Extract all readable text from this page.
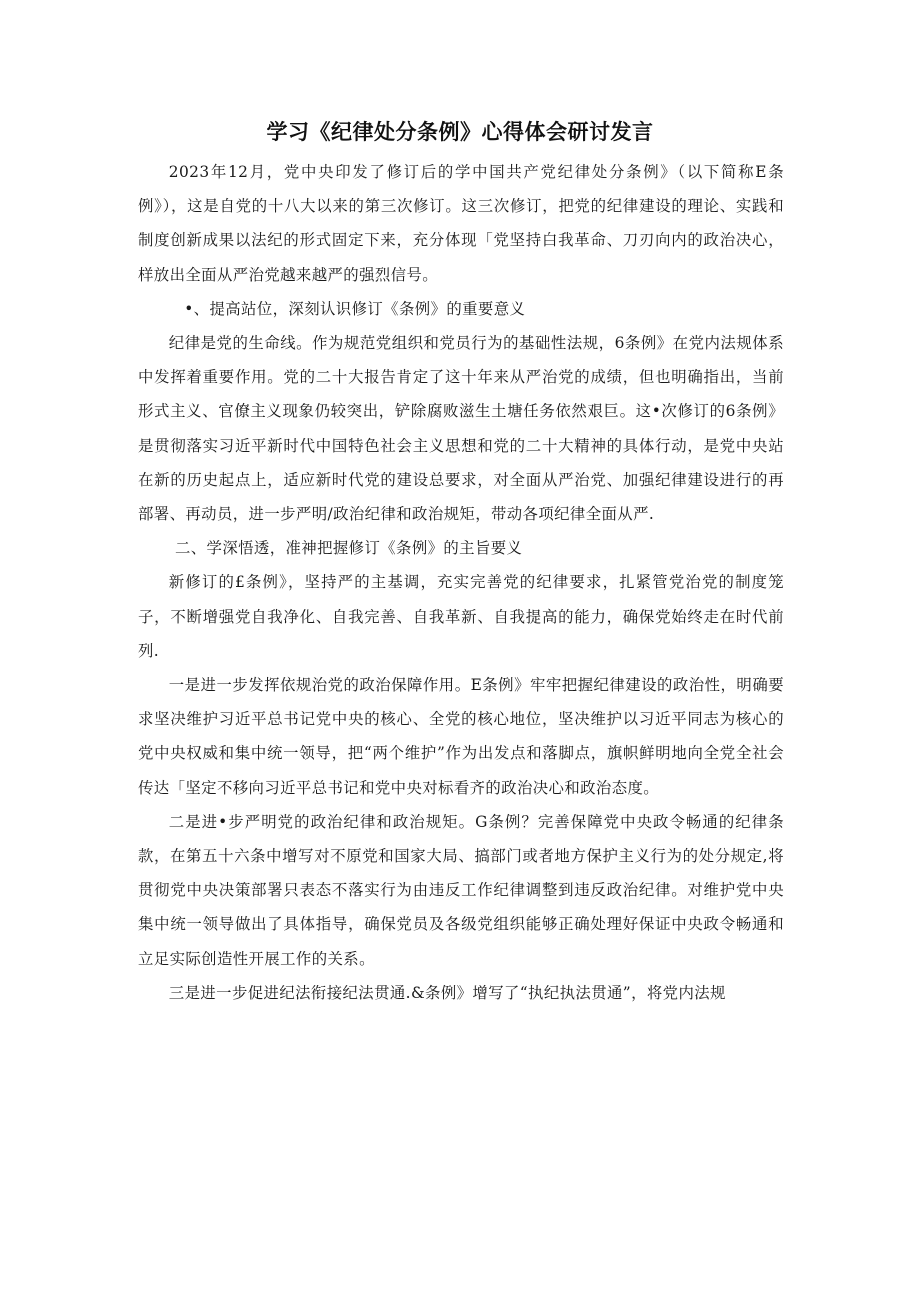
学习《纪律处分条例》心得体会研讨发言

2023年12月，党中央印发了修订后的学中国共产党纪律处分条例》（以下简称E条例》），这是自党的十八大以来的第三次修订。这三次修订，把党的纪律建设的理论、实践和制度创新成果以法纪的形式固定下来，充分体现「党坚持白我革命、刀刃向内的政治决心，样放出全面从严治党越来越严的强烈信号。

•、提高站位，深刻认识修订《条例》的重要意义

纪律是党的生命线。作为规范党组织和党员行为的基础性法规，6条例》在党内法规体系中发挥着重要作用。党的二十大报告肯定了这十年来从严治党的成绩，但也明确指出，当前形式主义、官僚主义现象仍较突出，铲除腐败滋生土塘任务依然艰巨。这•次修订的6条例》是贯彻落实习近平新时代中国特色社会主义思想和党的二十大精神的具体行动，是党中央站在新的历史起点上，适应新时代党的建设总要求，对全面从严治党、加强纪律建设进行的再部署、再动员，进一步严明/政治纪律和政治规矩，带动各项纪律全面从严.

二、学深悟透，准神把握修订《条例》的主旨要义

新修订的£条例》，坚持严的主基调，充实完善党的纪律要求，扎紧管党治党的制度笼子，不断增强党自我净化、自我完善、自我革新、自我提高的能力，确保党始终走在时代前列.

一是进一步发挥依规治党的政治保障作用。E条例》牢牢把握纪律建设的政治性，明确要求坚决维护习近平总书记党中央的核心、全党的核心地位，坚决维护以习近平同志为核心的党中央权威和集中统一领导，把“两个维护”作为出发点和落脚点，旗帜鲜明地向全党全社会传达「坚定不移向习近平总书记和党中央对标看齐的政治决心和政治态度。

二是进•步严明党的政治纪律和政治规矩。G条例？完善保障党中央政令畅通的纪律条款，在第五十六条中增写对不原党和国家大局、搞部门或者地方保护主义行为的处分规定,将贯彻党中央决策部署只表态不落实行为由违反工作纪律调整到违反政治纪律。对维护党中央集中统一领导做出了具体指导，确保党员及各级党组织能够正确处理好保证中央政令畅通和立足实际创造性开展工作的关系。

三是进一步促进纪法衔接纪法贯通.&条例》增写了“执纪执法贯通”，将党内法规
